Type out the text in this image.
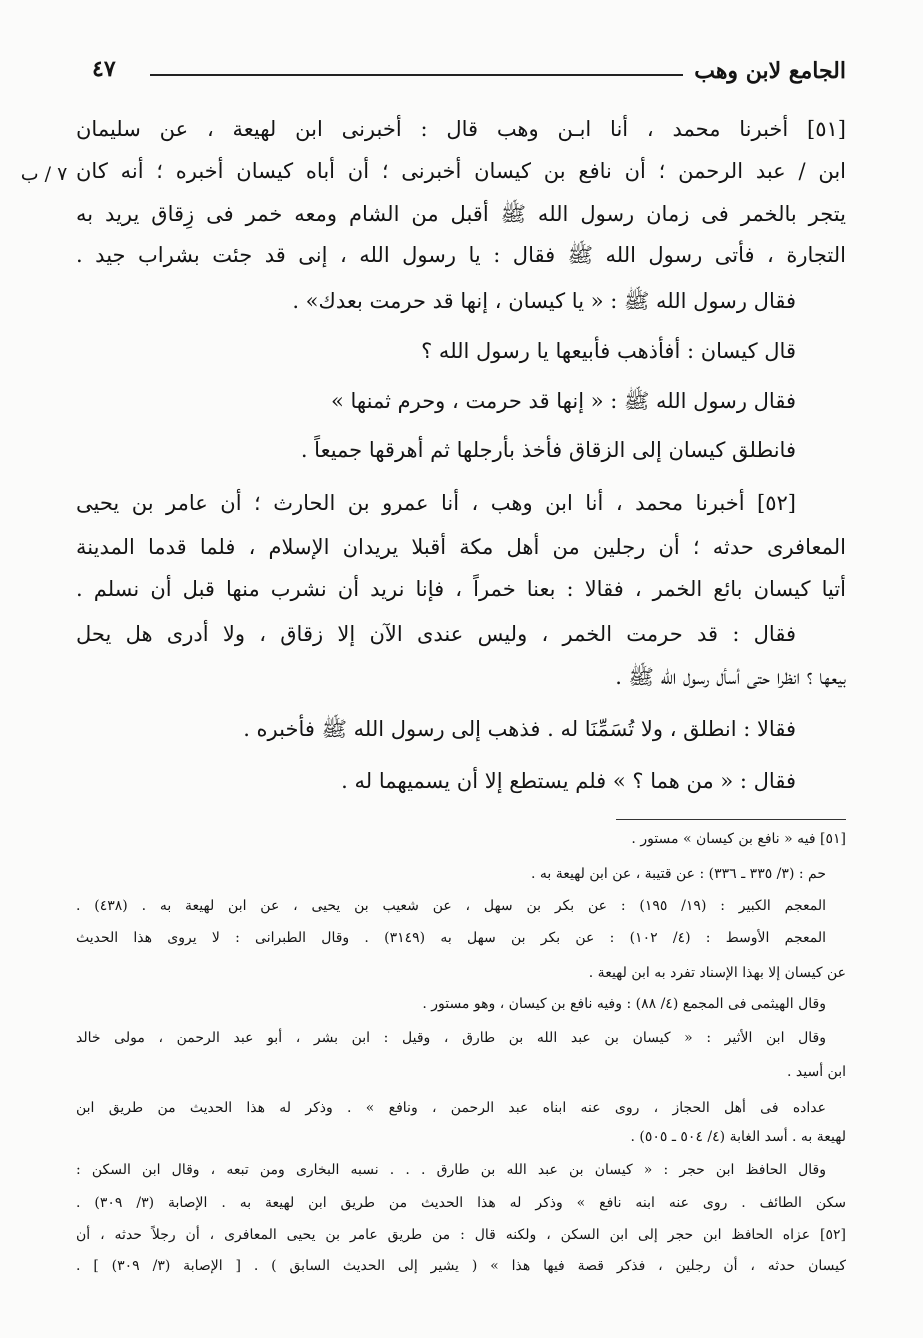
الجامع لابن وهب
٤٧
٧ / ب
[٥١] أخبرنا محمد ، أنا ابـن وهب قال : أخبرنى ابن لهيعة ، عن سليمان
ابن / عبد الرحمن ؛ أن نافع بن كيسان أخبرنى ؛ أن أباه كيسان أخبره ؛ أنه كان
يتجر بالخمر فى زمان رسول الله ﷺ أقبل من الشام ومعه خمر فى زِقاق يريد به
التجارة ، فأتى رسول الله ﷺ فقال : يا رسول الله ، إنى قد جئت بشراب جيد .
فقال رسول الله ﷺ : « يا كيسان ، إنها قد حرمت بعدك» .
قال كيسان : أفأذهب فأبيعها يا رسول الله ؟
فقال رسول الله ﷺ : « إنها قد حرمت ، وحرم ثمنها »
فانطلق كيسان إلى الزقاق فأخذ بأرجلها ثم أهرقها جميعاً .
[٥٢] أخبرنا محمد ، أنا ابن وهب ، أنا عمرو بن الحارث ؛ أن عامر بن يحيى
المعافرى حدثه ؛ أن رجلين من أهل مكة أقبلا يريدان الإسلام ، فلما قدما المدينة
أتيا كيسان بائع الخمر ، فقالا : بعنا خمراً ، فإنا نريد أن نشرب منها قبل أن نسلم .
فقال : قد حرمت الخمر ، وليس عندى الآن إلا زقاق ، ولا أدرى هل يحل
بيعها ؟ انظرا حتى أسأل رسول الله ﷺ .
فقالا : انطلق ، ولا تُسَمِّنَا له . فذهب إلى رسول الله ﷺ فأخبره .
فقال : « من هما ؟ » فلم يستطع إلا أن يسميهما له .
[٥١] فيه « نافع بن كيسان » مستور .
حم : (٣/ ٣٣٥ ـ ٣٣٦) : عن قتيبة ، عن ابن لهيعة به .
المعجم الكبير : (١٩/ ١٩٥) : عن بكر بن سهل ، عن شعيب بن يحيى ، عن ابن لهيعة به . (٤٣٨) .
المعجم الأوسط : (٤/ ١٠٢) : عن بكر بن سهل به (٣١٤٩) . وقال الطبرانى : لا يروى هذا الحديث
عن كيسان إلا بهذا الإسناد تفرد به ابن لهيعة .
وقال الهيثمى فى المجمع (٤/ ٨٨) : وفيه نافع بن كيسان ، وهو مستور .
وقال ابن الأثير : « كيسان بن عبد الله بن طارق ، وقيل : ابن بشر ، أبو عبد الرحمن ، مولى خالد
ابن أسيد .
عداده فى أهل الحجاز ، روى عنه ابناه عبد الرحمن ، ونافع » . وذكر له هذا الحديث من طريق ابن
لهيعة به . أسد الغابة (٤/ ٥٠٤ ـ ٥٠٥) .
وقال الحافظ ابن حجر : « كيسان بن عبد الله بن طارق . . . نسبه البخارى ومن تبعه ، وقال ابن السكن :
سكن الطائف . روى عنه ابنه نافع » وذكر له هذا الحديث من طريق ابن لهيعة به . الإصابة (٣/ ٣٠٩) .
[٥٢] عزاه الحافظ ابن حجر إلى ابن السكن ، ولكنه قال : من طريق عامر بن يحيى المعافرى ، أن رجلاً حدثه ، أن
كيسان حدثه ، أن رجلين ، فذكر قصة فيها هذا » ( يشير إلى الحديث السابق ) . [ الإصابة (٣/ ٣٠٩) ] .
